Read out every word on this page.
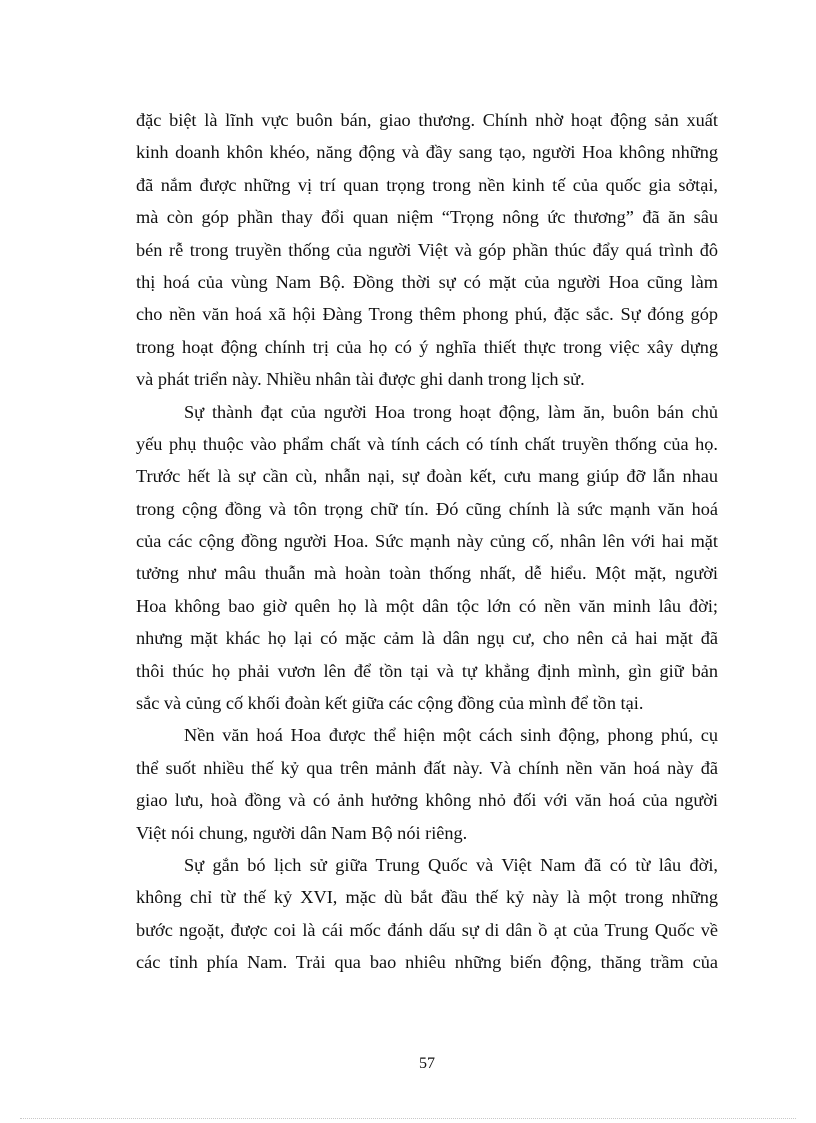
đặc biệt là lĩnh vực buôn bán, giao thương. Chính nhờ hoạt động sản xuất
kinh doanh khôn khéo, năng động và đầy sang tạo, người Hoa không những
đã nắm được những vị trí quan trọng trong nền kinh tế của quốc gia sởtại,
mà còn góp phần thay đổi quan niệm “Trọng nông ức thương” đã ăn sâu
bén rễ trong truyền thống của người Việt và góp phần thúc đẩy quá trình đô
thị hoá của vùng Nam Bộ. Đồng thời sự có mặt của người Hoa cũng làm
cho nền văn hoá xã hội Đàng Trong thêm phong phú, đặc sắc. Sự đóng góp
trong hoạt động chính trị của họ có ý nghĩa thiết thực trong việc xây dựng
và phát triển này. Nhiều nhân tài được ghi danh trong lịch sử.
Sự thành đạt của người Hoa trong hoạt động, làm ăn, buôn bán chủ
yếu phụ thuộc vào phẩm chất và tính cách có tính chất truyền thống của họ.
Trước hết là sự cần cù, nhẫn nại, sự đoàn kết, cưu mang giúp đỡ lẫn nhau
trong cộng đồng và tôn trọng chữ tín. Đó cũng chính là sức mạnh văn hoá
của các cộng đồng người Hoa. Sức mạnh này củng cố, nhân lên với hai mặt
tưởng như mâu thuẫn mà hoàn toàn thống nhất, dễ hiểu. Một mặt, người
Hoa không bao giờ quên họ là một dân tộc lớn có nền văn minh lâu đời;
nhưng mặt khác họ lại có mặc cảm là dân ngụ cư, cho nên cả hai mặt đã
thôi thúc họ phải vươn lên để tồn tại và tự khẳng định mình, gìn giữ bản
sắc và củng cố khối đoàn kết giữa các cộng đồng của mình để tồn tại.
Nền văn hoá Hoa được thể hiện một cách sinh động, phong phú, cụ
thể suốt nhiều thế kỷ qua trên mảnh đất này. Và chính nền văn hoá này đã
giao lưu, hoà đồng và có ảnh hưởng không nhỏ đối với văn hoá của người
Việt nói chung, người dân Nam Bộ nói riêng.
Sự gắn bó lịch sử giữa Trung Quốc và Việt Nam đã có từ lâu đời,
không chỉ từ thế kỷ XVI, mặc dù bắt đầu thế kỷ này là một trong những
bước ngoặt, được coi là cái mốc đánh dấu sự di dân ồ ạt của Trung Quốc về
các tỉnh phía Nam. Trải qua bao nhiêu những biến động, thăng trầm của
57
